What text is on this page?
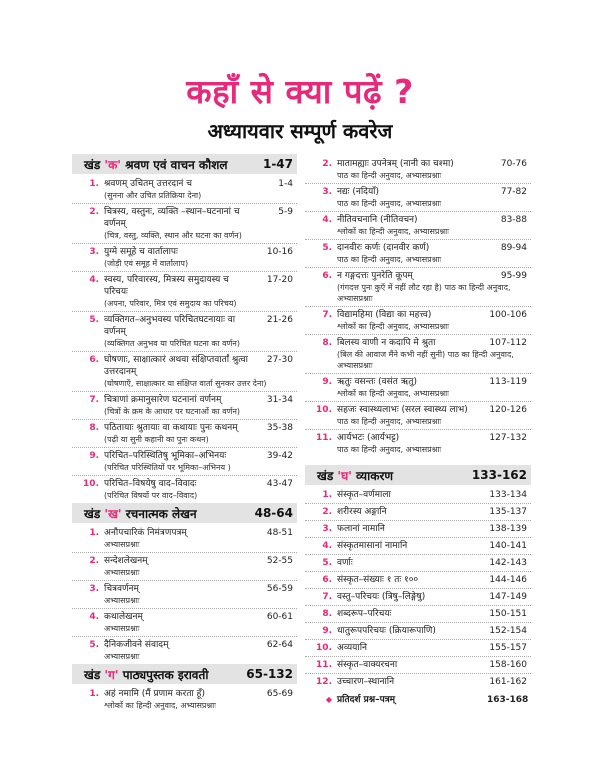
कहाँ से क्या पढ़ें ?
अध्यायवार सम्पूर्ण कवरेज
खंड 'क' श्रवण एवं वाचन कौशल	1-47
1. श्रवणम् उचितम् उत्तरदानं च	1-4
(सुनना और उचित प्रतिक्रिया देना)
2. चित्रस्य, वस्तुनः, व्यक्ति –स्थान–घटनानां च वर्णनम्
5-9
(चित्र, वस्तु, व्यक्ति, स्थान और घटना का वर्णन)
3. युग्मे समूहे च वार्तालापः	10-16
(जोड़ी एवं समूह में वार्तालाप)
4. स्वस्य, परिवारस्य, मित्रस्य समुदायस्य च परिचयः
17-20
(अपना, परिवार, मित्र एवं समुदाय का परिचय)
5. व्यक्तिगत–अनुभवस्य परिचितघटनायाः वा वर्णनम्
21-26
(व्यक्तिगत अनुभव या परिचित घटना का वर्णन)
6. घोषणाः, साक्षात्कारं अथवा संक्षिप्तवार्तां श्रुत्वा उत्तरदानम्
27-30
(घोषणाएँ, साक्षात्कार या संक्षिप्त वार्ता सुनकर उत्तर देना)
7. चित्राणां क्रमानुसारेण घटनानां वर्णनम्	31-34
(चित्रों के क्रम के आधार पर घटनाओं का वर्णन)
8. पठितायाः श्रुतायाः वा कथायाः पुनः कथनम्	35-38
(पढ़ी या सुनी कहानी का पुनः कथन)
9. परिचित–परिस्थितिषु भूमिका–अभिनयः	39-42
(परिचित परिस्थितियों पर भूमिका–अभिनय )
10. परिचित–विषयेषु वाद–विवादः	43-47
(परिचित विषयों पर वाद–विवाद)
खंड 'ख' रचनात्मक लेखन	48-64
1. अनौपचारिकं निमंत्रणपत्रम्	48-51
अभ्यासप्रश्नाः
2. सन्देशलेखनम्	52-55
अभ्यासप्रश्नाः
3. चित्रवर्णनम्	56-59
अभ्यासप्रश्नाः
4. कथालेखनम्	60-61
अभ्यासप्रश्नाः
5. दैनिकजीवने संवादम्	62-64
अभ्यासप्रश्नाः
खंड 'ग' पाठ्यपुस्तक इरावती	65-132
1. अहं नमामि (मैं प्रणाम करता हूँ)	65-69
श्लोकों का हिन्दी अनुवाद, अभ्यासप्रश्नाः
2. मातामह्याः उपनेत्रम् (नानी का चश्मा)	70-76
पाठ का हिन्दी अनुवाद, अभ्यासप्रश्नाः
3. नद्यः (नदियाँ)	77-82
पाठ का हिन्दी अनुवाद, अभ्यासप्रश्नाः
4. नीतिवचनानि (नीतिवचन)	83-88
श्लोकों का हिन्दी अनुवाद, अभ्यासप्रश्नाः
5. दानवीरः कर्णः (दानवीर कर्ण)	89-94
पाठ का हिन्दी अनुवाद, अभ्यासप्रश्नाः
6. न गङ्गदत्तः पुनरेति कूपम्	95-99
(गंगदत्त पुनः कुएँ में नहीं लौट रहा है) पाठ का हिन्दी अनुवाद, अभ्यासप्रश्नाः
7. विद्यामहिमा (विद्या का महत्त्व)	100-106
श्लोकों का हिन्दी अनुवाद, अभ्यासप्रश्नाः
8. बिलस्य वाणी न कदापि मे श्रुता	107-112
(बिल की आवाज मैंने कभी नहीं सुनी) पाठ का हिन्दी अनुवाद, अभ्यासप्रश्नाः
9. ऋतुः वसन्तः (वसंत ऋतु)	113-119
श्लोकों का हिन्दी अनुवाद, अभ्यासप्रश्नाः
10. सहजः स्वास्थ्यलाभः (सरल स्वास्थ्य लाभ)	120-126
पाठ का हिन्दी अनुवाद, अभ्यासप्रश्नाः
11. आर्यभटः (आर्यभट्ट)	127-132
पाठ का हिन्दी अनुवाद, अभ्यासप्रश्नाः
खंड 'घ' व्याकरण	133-162
1. संस्कृत–वर्णमाला	133-134
2. शरीरस्य अङ्गानि	135-137
3. फलानां नामानि	138-139
4. संस्कृतमासानां नामानि	140-141
5. वर्णाः	142-143
6. संस्कृत–संख्याः १ तः १००	144-146
7. वस्तु–परिचयः (त्रिषु–लिङ्गेषु)	147-149
8. शब्दरूप–परिचयः	150-151
9. धातुरूपपरिचयः (क्रियारूपाणि)	152-154
10. अव्ययानि	155-157
11. संस्कृत–वाक्यरचना	158-160
12. उच्चारण–स्थानानि	161-162
◆ प्रतिदर्श प्रश्न–पत्रम्	163-168
